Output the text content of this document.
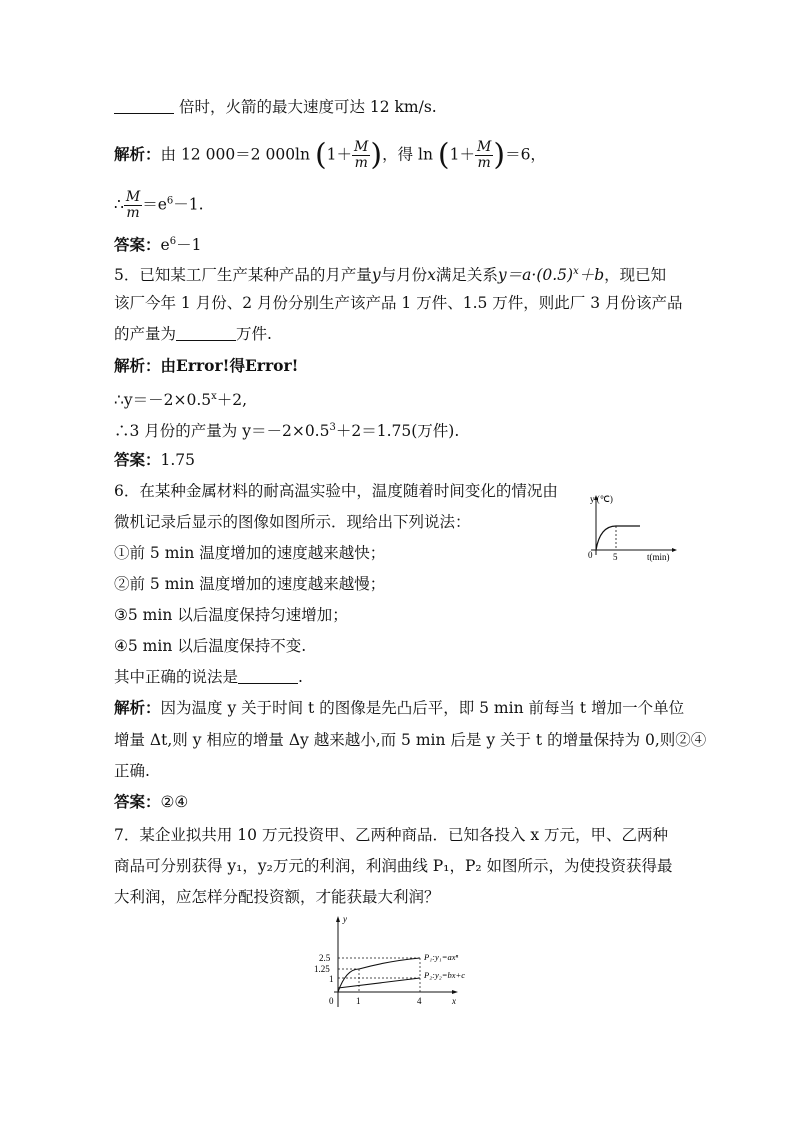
倍时，火箭的最大速度可达 12 km/s.
解析：由 12 000＝2 000ln ($1+ \frac{M}{m}$ )，得 $\ln (1+ \frac{M}{m} )=6$，
∴ $\frac{M}{m} =e^6-1$.
答案：$e^6-1$
5．已知某工厂生产某种产品的月产量y与月份x满足关系$y=a\cdot(0.5)^x+b$，现已知
该厂今年 1 月份、2 月份分别生产该产品 1 万件、1.5 万件，则此厂 3 月份该产品
的产量为	万件.
解析：由Error!得Error!
$\therefore y=-2\times 0.5^x+2$,
∴3 月份的产量为 $y=-2\times 0.5^3+2=1.75$(万件).
答案：1.75
6．在某种金属材料的耐高温实验中，温度随着时间变化的情况由
微机记录后显示的图像如图所示．现给出下列说法：
①前 5 min 温度增加的速度越来越快；
②前 5 min 温度增加的速度越来越慢；
③5 min 以后温度保持匀速增加；
④5 min 以后温度保持不变.
其中正确的说法是	.
解析：因为温度 y 关于时间 t 的图像是先凸后平，即 5 min 前每当 t 增加一个单位
增量 Δt,则 y 相应的增量 Δy 越来越小,而 5 min 后是 y 关于 t 的增量保持为 0,则②④
正确.
答案：②④
y (℃)
0 5	t(min)
7．某企业拟共用 10 万元投资甲、乙两种商品．已知各投入 x 万元，甲、乙两种
商品可分别获得 y₁，y₂万元的利润，利润曲线 P₁，P₂ 如图所示，为使投资获得最
大利润，应怎样分配投资额，才能获最大利润？
y
x
0
2.5
1.25
1
1	4
P₁:y₁=axⁿ
P₂:y₂=bx+c
